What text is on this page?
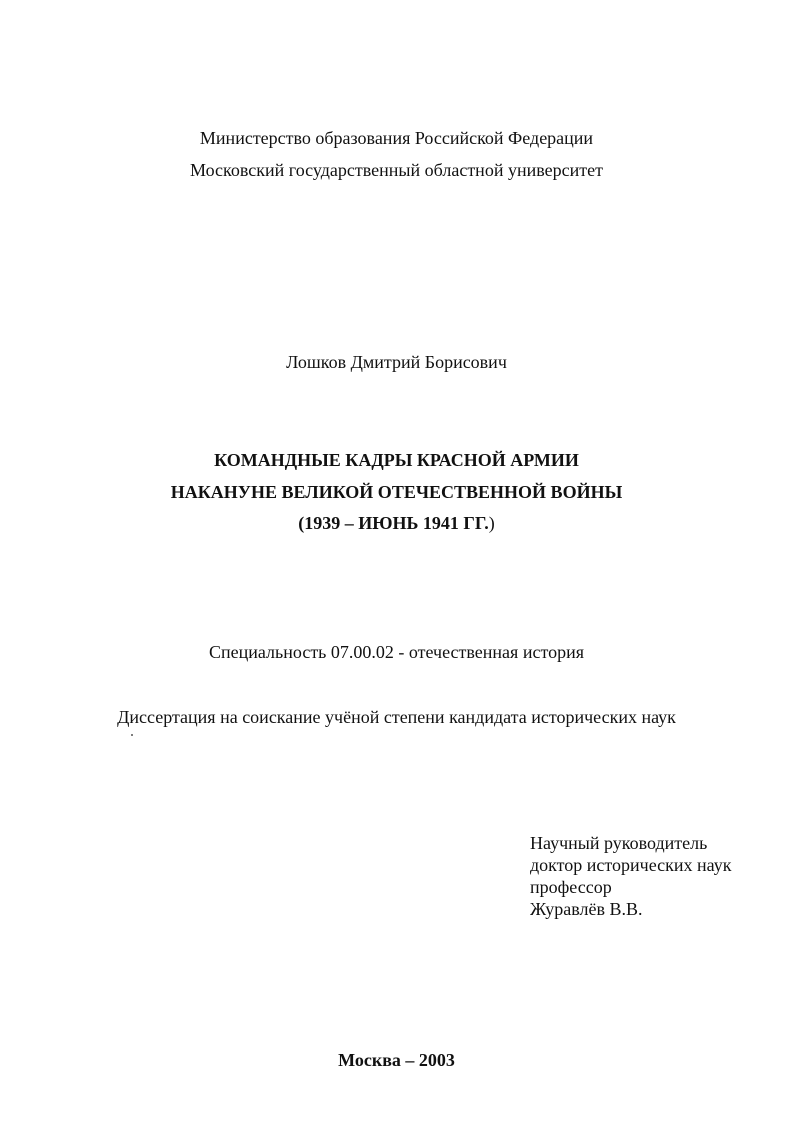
Министерство образования Российской Федерации
Московский государственный областной университет
Лошков Дмитрий Борисович
КОМАНДНЫЕ КАДРЫ КРАСНОЙ АРМИИ
НАКАНУНЕ ВЕЛИКОЙ ОТЕЧЕСТВЕННОЙ ВОЙНЫ
(1939 – ИЮНЬ 1941 ГГ.)
Специальность 07.00.02 - отечественная история
Диссертация на соискание учёной степени кандидата исторических наук
Научный руководитель
доктор исторических наук
профессор
Журавлёв В.В.
Москва – 2003
